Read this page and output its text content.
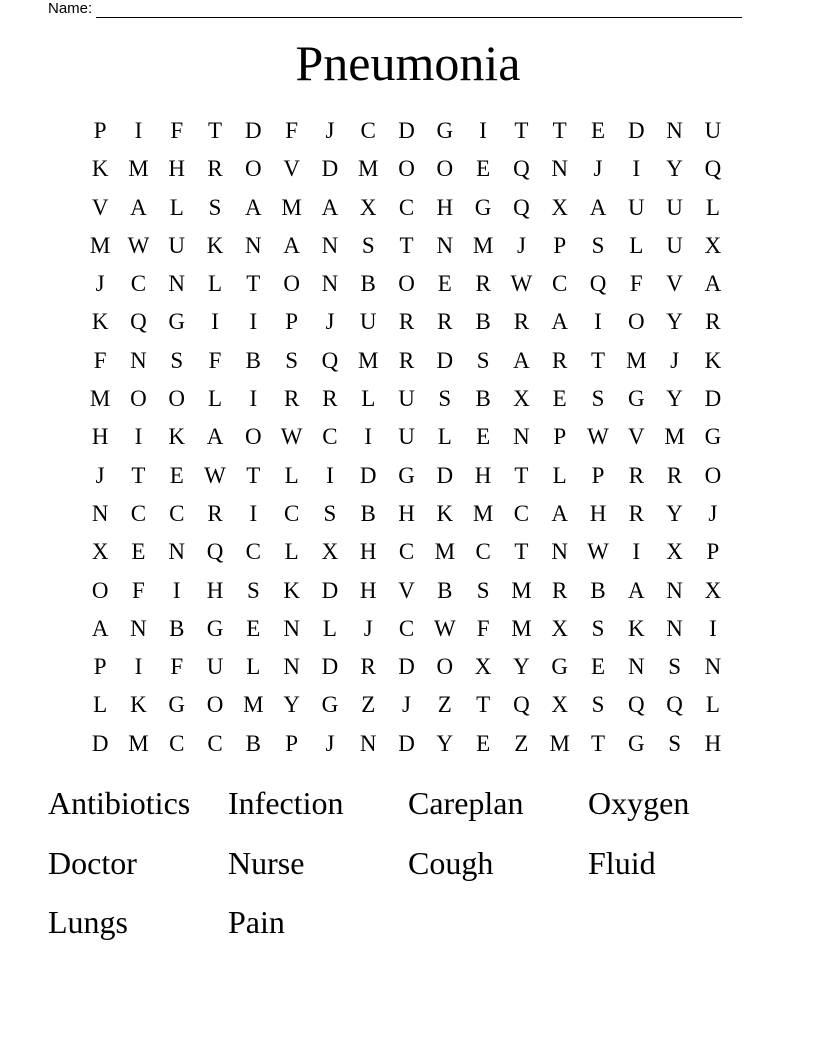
Name:
Pneumonia
P	I	F	T D	F	J	C D G	I	T	T	E D N U
K M H R O V D M O O E Q N	J	I	Y Q
V A L	S	A M A X C H G Q X A U U L
M W U K N A N	S	T N M	J	P	S	L U X
J	C N L	T O N B O E	R W C Q	F	V A
K Q G	I	I	P	J	U R R B R A	I	O Y R
F	N	S	F	B	S	Q M R D	S	A R	T M	J	K
M O O L	I	R R	L U	S	B X E	S	G Y D
H	I	K A O W C	I	U L	E N	P W V M G
J	T	E W T	L	I	D G D H T	L	P	R R O
N C C R	I	C	S	B H K M C A H R Y	J
X E N Q C	L X H C M C	T N W	I	X	P
O	F	I	H	S	K D H V B	S M R B A N X
A N B G E N L	J	C W F M X	S	K N	I
P	I	F	U L N D R D O X Y G E N	S	N
L K G O M Y G Z	J	Z	T Q X	S	Q Q L
D M C C B	P	J	N D Y E	Z M T G	S	H
Antibiotics	Infection	Careplan	Oxygen
Doctor	Nurse	Cough	Fluid
Lungs	Pain
